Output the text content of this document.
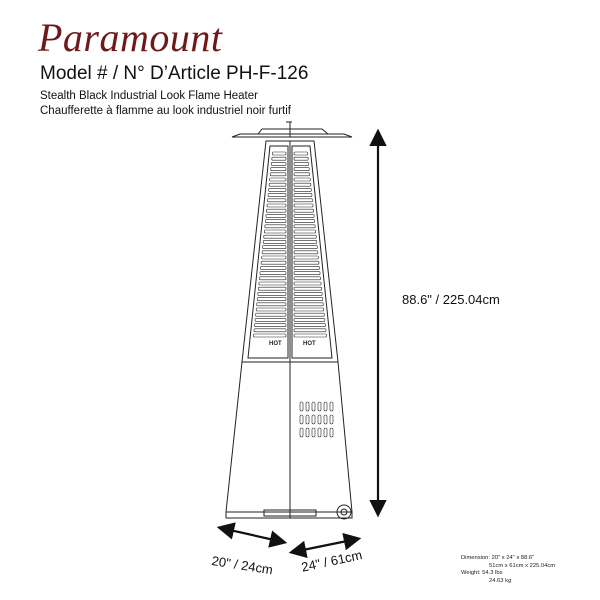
Paramount
Model # / N° D’Article PH-F-126
Stealth Black Industrial Look Flame Heater
Chaufferette à flamme au look industriel noir furtif
HOT	HOT
88.6" / 225.04cm
20" / 24cm 24" / 61cm	Dimension: 20" x 24" x 88.6"
51cm x 61cm x 225.04cm
Weight: 54.3 lbs
24.63 kg
